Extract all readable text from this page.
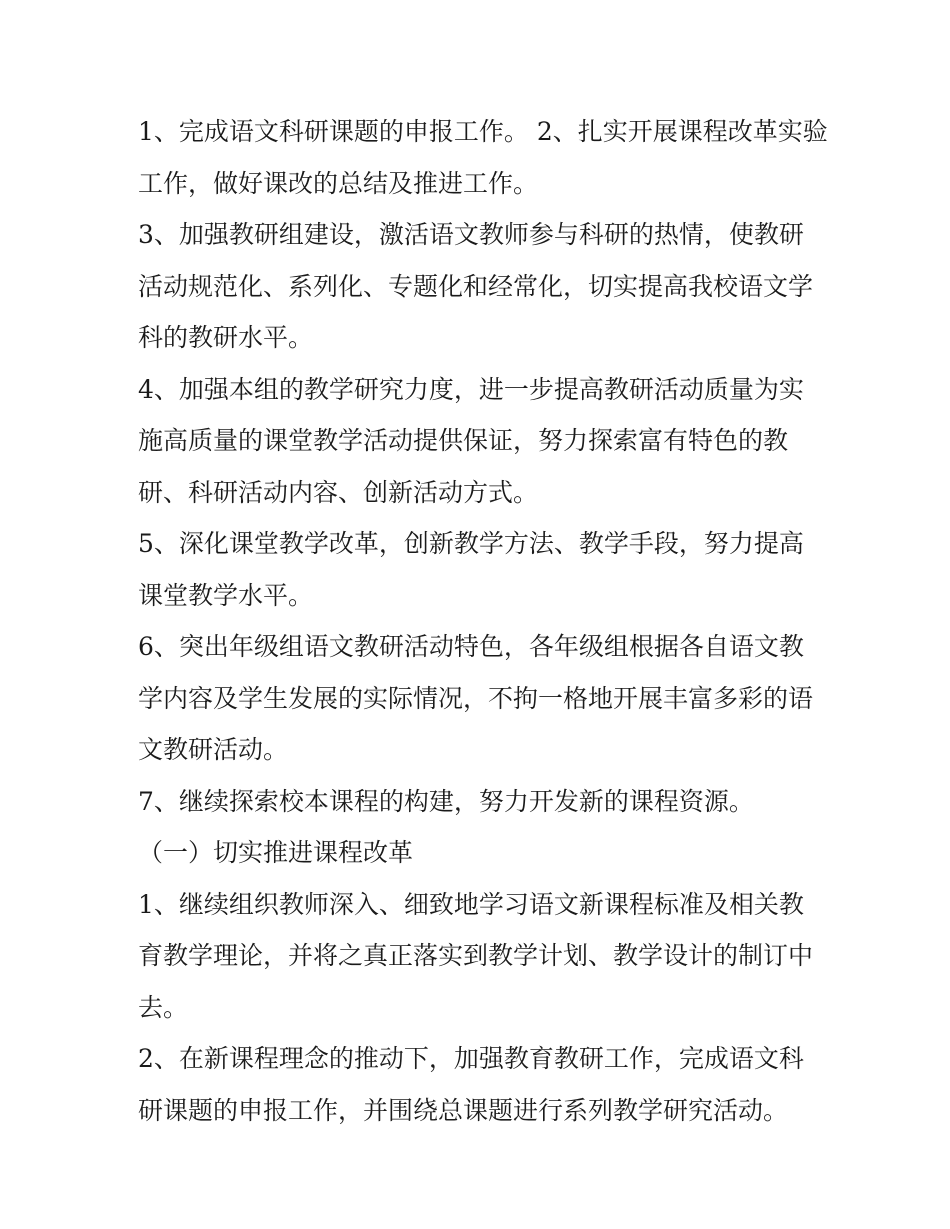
1、完成语文科研课题的申报工作。 2、扎实开展课程改革实验工作，做好课改的总结及推进工作。

3、加强教研组建设，激活语文教师参与科研的热情，使教研活动规范化、系列化、专题化和经常化，切实提高我校语文学科的教研水平。

4、加强本组的教学研究力度，进一步提高教研活动质量为实施高质量的课堂教学活动提供保证，努力探索富有特色的教研、科研活动内容、创新活动方式。

5、深化课堂教学改革，创新教学方法、教学手段，努力提高课堂教学水平。

6、突出年级组语文教研活动特色，各年级组根据各自语文教学内容及学生发展的实际情况，不拘一格地开展丰富多彩的语文教研活动。

7、继续探索校本课程的构建，努力开发新的课程资源。

（一）切实推进课程改革

1、继续组织教师深入、细致地学习语文新课程标准及相关教育教学理论，并将之真正落实到教学计划、教学设计的制订中去。

2、在新课程理念的推动下，加强教育教研工作，完成语文科研课题的申报工作，并围绕总课题进行系列教学研究活动。
